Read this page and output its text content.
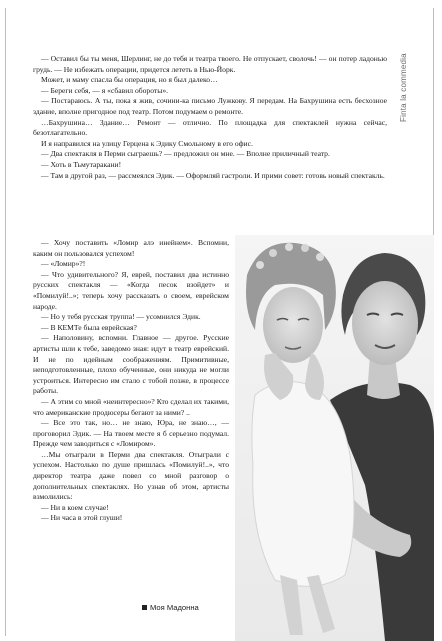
Finta la commedia

— Оставил бы ты меня, Шерлинг, не до тебя и театра твоего. Не отпускает, сволочь! — он потер ладонью грудь. — Не избежать операции, придется лететь в Нью-Йорк.

Может, и маму спасла бы операция, но я был далеко…

— Береги себя, — я «сбавил обороты».

— Постараюсь. А ты, пока я жив, сочини-ка письмо Лужкову. Я передам. На Бахрушина есть бесхозное здание, вполне пригодное под театр. Потом подумаем о ремонте.

…Бахрушина… Здание… Ремонт — отлично. По площадка для спектаклей нужна сейчас, безотлагательно.

И я направился на улицу Герцена к Эдику Смольному в его офис.

— Два спектакля в Перми сыграешь? — предложил он мне. — Вполне приличный театр.

— Хоть в Тьмутаракани!

— Там в другой раз, — рассмеялся Эдик. — Оформляй гастроли. И прими совет: готовь новый спектакль.

— Хочу поставить «Ломир алэ инейнем». Вспомни, каким он пользовался успехом!

— «Ломир»?!

— Что удивительного? Я, еврей, поставил два истинно русских спектакля — «Когда песок взойдет» и «Помилуй!..»; теперь хочу рассказать о своем, еврейском народе.

— Но у тебя русская труппа! — усомнился Эдик.

— В КЕМТе была еврейская?

— Наполовину, вспомни. Главное — другое. Русские артисты шли к тебе, заведомо зная: идут в театр еврейский. И не по идейным соображениям. Примитивные, неподготовленные, плохо обученные, они никуда не могли устроиться. Интересно им стало с тобой позже, в процессе работы.

— А этим со мной «неинтересно»? Кто сделал их такими, что американские продюсеры бегают за ними? ..

— Все это так, но… не знаю, Юра, не знаю…, — проговорил Эдик. — На твоем месте я б серьезно подумал. Прежде чем заводиться с «Ломиром».

…Мы отыграли в Перми два спектакля. Отыграли с успехом. Настолько по душе пришлась «Помилуй!..», что директор театра даже повел со мной разговор о дополнительных спектаклях. Но узнав об этом, артисты взмолились:

— Ни в коем случае!

— Ни часа в этой глуши!

Моя Мадонна
